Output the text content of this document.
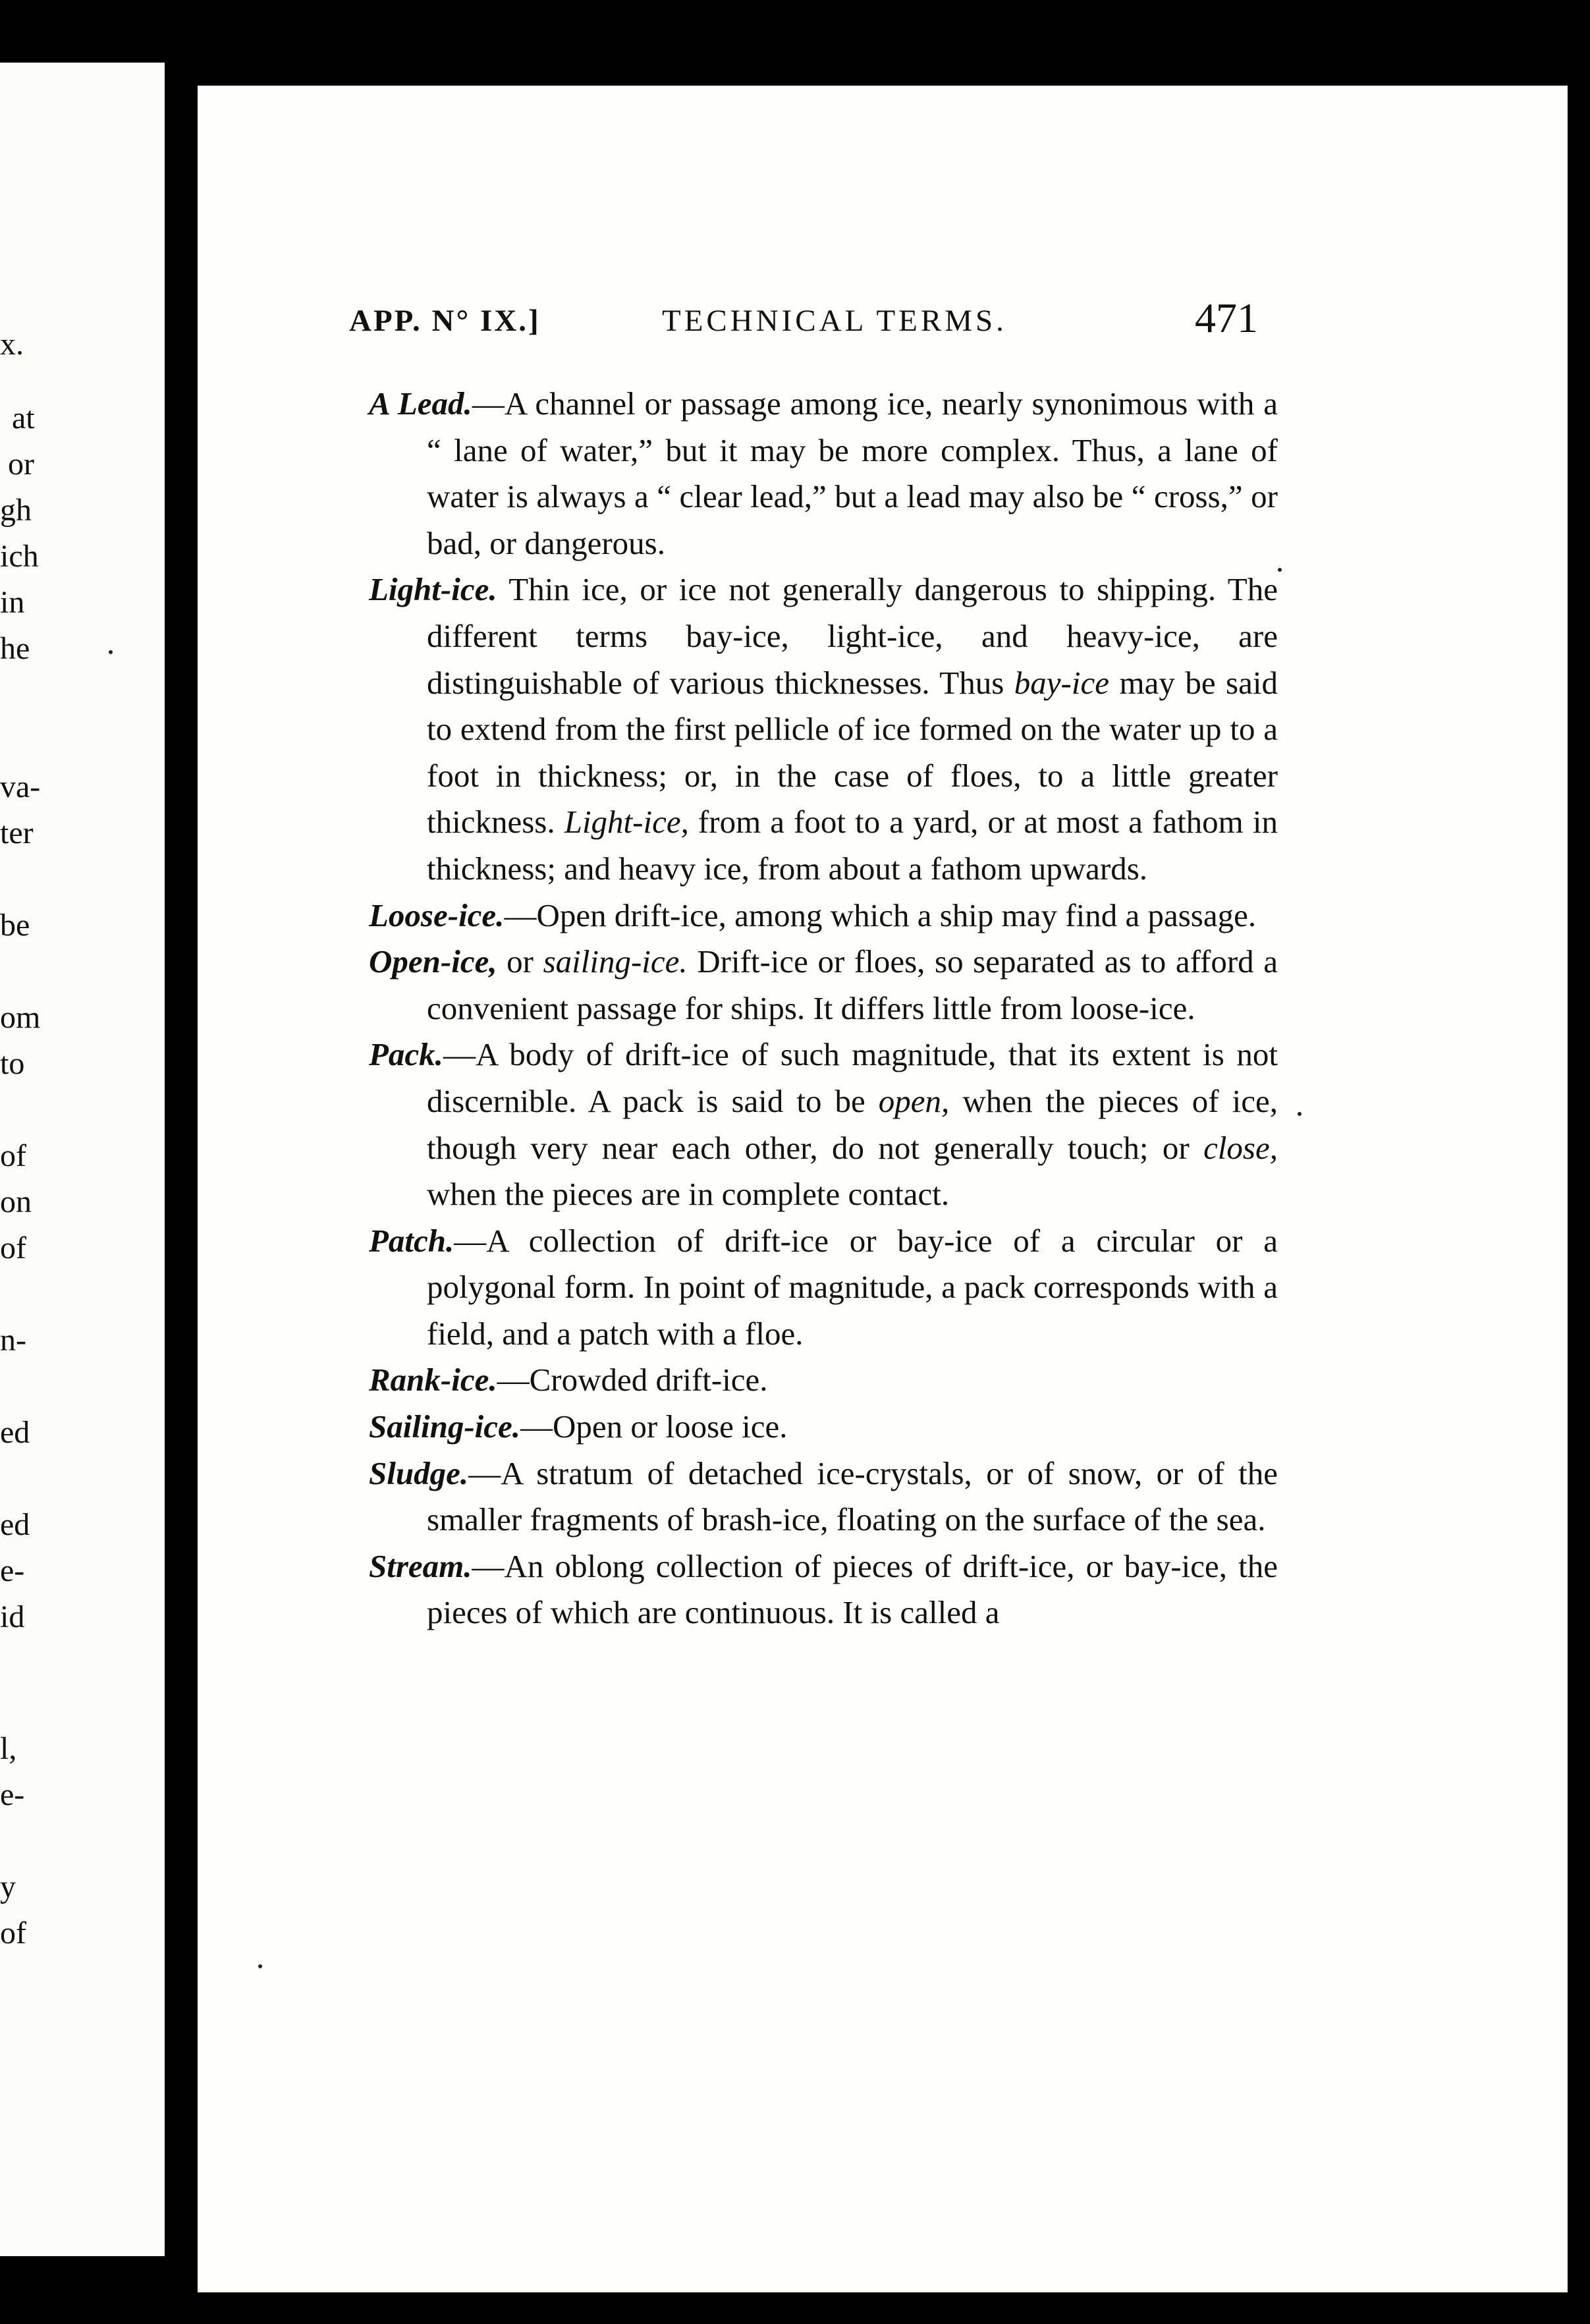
x.
at
or
gh
ich
in
he
va-
ter
be
om
to
of
on
of
n-
ed
ed
e-
id
l,
e-
y
of
APP. N° IX.]	TECHNICAL TERMS.	471
A Lead.—A channel or passage among ice, nearly synonimous with a “ lane of water,” but it may be more complex. Thus, a lane of water is always a “ clear lead,” but a lead may also be “ cross,” or bad, or dangerous.
Light-ice. Thin ice, or ice not generally dangerous to shipping. The different terms bay-ice, light-ice, and heavy-ice, are distinguishable of various thicknesses. Thus bay-ice may be said to extend from the first pellicle of ice formed on the water up to a foot in thickness; or, in the case of floes, to a little greater thickness. Light-ice, from a foot to a yard, or at most a fathom in thickness; and heavy ice, from about a fathom upwards.
Loose-ice.—Open drift-ice, among which a ship may find a passage.
Open-ice, or sailing-ice. Drift-ice or floes, so separated as to afford a convenient passage for ships. It differs little from loose-ice.
Pack.—A body of drift-ice of such magnitude, that its extent is not discernible. A pack is said to be open, when the pieces of ice, though very near each other, do not generally touch; or close, when the pieces are in complete contact.
Patch.—A collection of drift-ice or bay-ice of a circular or a polygonal form. In point of magnitude, a pack corresponds with a field, and a patch with a floe.
Rank-ice.—Crowded drift-ice.
Sailing-ice.—Open or loose ice.
Sludge.—A stratum of detached ice-crystals, or of snow, or of the smaller fragments of brash-ice, floating on the surface of the sea.
Stream.—An oblong collection of pieces of drift-ice, or bay-ice, the pieces of which are continuous. It is called a
